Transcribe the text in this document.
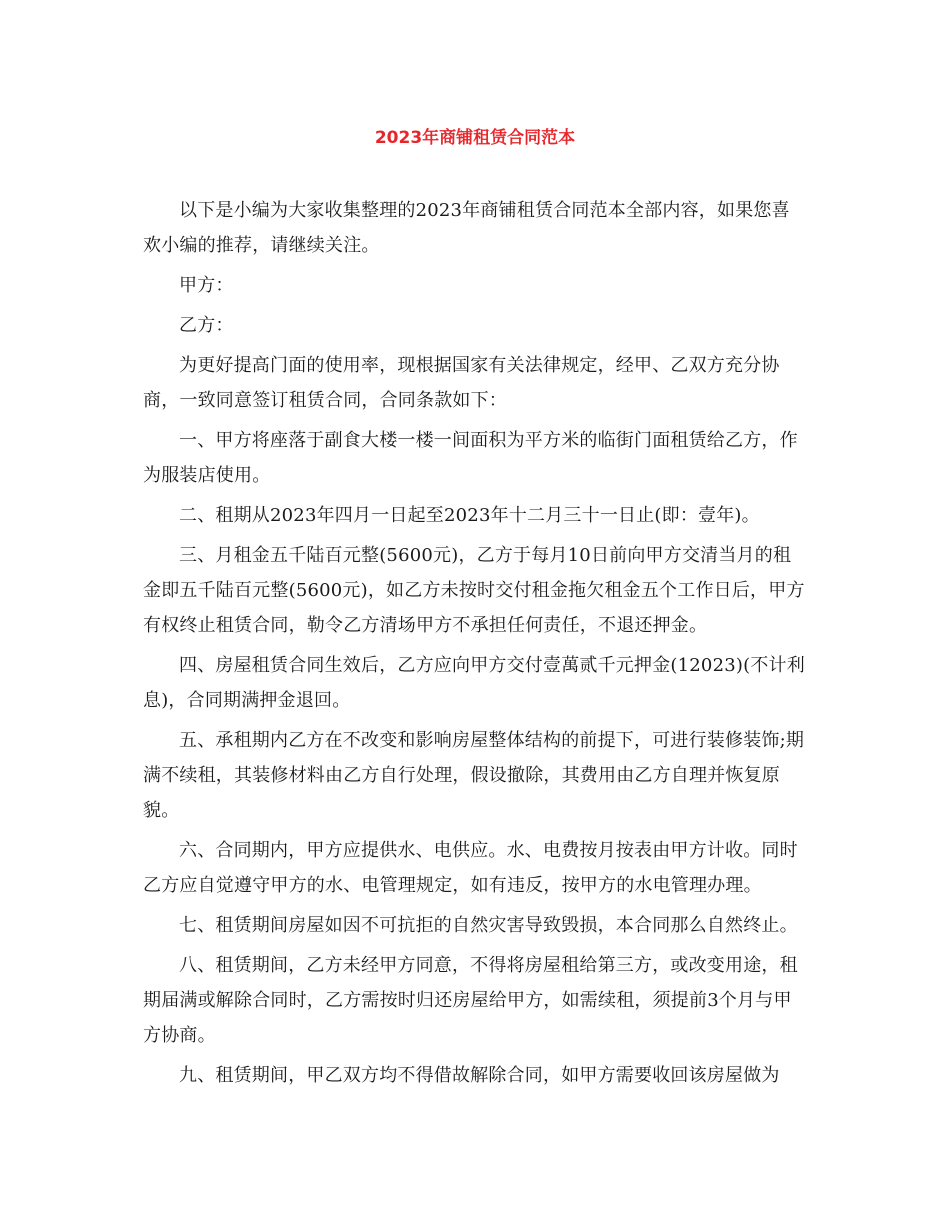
2023年商铺租赁合同范本

以下是小编为大家收集整理的2023年商铺租赁合同范本全部内容，如果您喜欢小编的推荐，请继续关注。

甲方：

乙方：

为更好提高门面的使用率，现根据国家有关法律规定，经甲、乙双方充分协商，一致同意签订租赁合同，合同条款如下：

一、甲方将座落于副食大楼一楼一间面积为平方米的临街门面租赁给乙方，作为服装店使用。

二、租期从2023年四月一日起至2023年十二月三十一日止(即：壹年)。

三、月租金五千陆百元整(5600元)，乙方于每月10日前向甲方交清当月的租金即五千陆百元整(5600元)，如乙方未按时交付租金拖欠租金五个工作日后，甲方有权终止租赁合同，勒令乙方清场甲方不承担任何责任，不退还押金。

四、房屋租赁合同生效后，乙方应向甲方交付壹萬贰千元押金(12023)(不计利息)，合同期满押金退回。

五、承租期内乙方在不改变和影响房屋整体结构的前提下，可进行装修装饰;期满不续租，其装修材料由乙方自行处理，假设撤除，其费用由乙方自理并恢复原貌。

六、合同期内，甲方应提供水、电供应。水、电费按月按表由甲方计收。同时乙方应自觉遵守甲方的水、电管理规定，如有违反，按甲方的水电管理办理。

七、租赁期间房屋如因不可抗拒的自然灾害导致毁损，本合同那么自然终止。

八、租赁期间，乙方未经甲方同意，不得将房屋租给第三方，或改变用途，租期届满或解除合同时，乙方需按时归还房屋给甲方，如需续租，须提前3个月与甲方协商。

九、租赁期间，甲乙双方均不得借故解除合同，如甲方需要收回该房屋做为
